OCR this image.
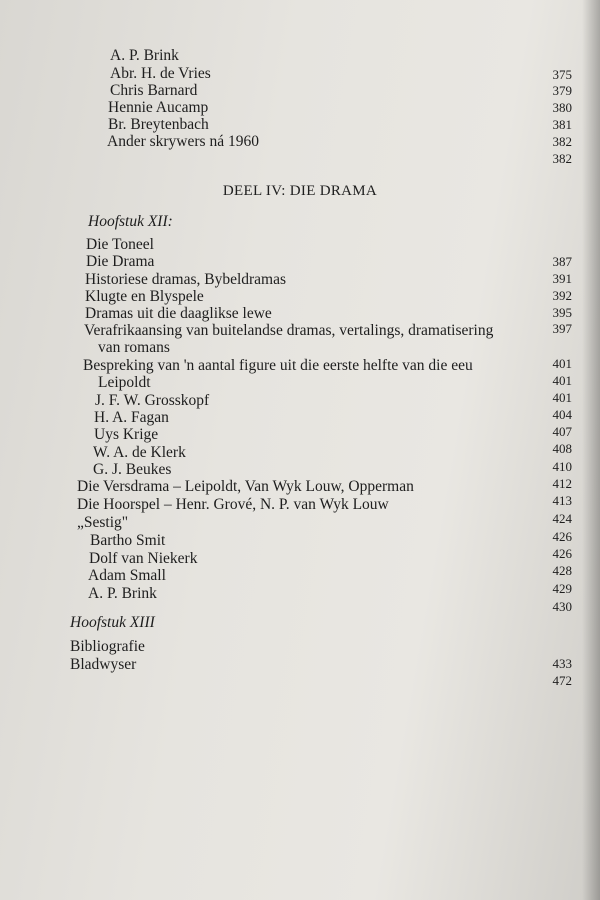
A. P. Brink
Abr. H. de Vries
Chris Barnard
Hennie Aucamp
Br. Breytenbach
Ander skrywers ná 1960
375
379
380
381
382
382
DEEL IV: DIE DRAMA
Hoofstuk XII:
Die Toneel
Die Drama
Historiese dramas, Bybeldramas
Klugte en Blyspele
Dramas uit die daaglikse lewe
Verafrikaansing van buitelandse dramas, vertalings, dramatisering
van romans
Bespreking van 'n aantal figure uit die eerste helfte van die eeu
Leipoldt
J. F. W. Grosskopf
H. A. Fagan
Uys Krige
W. A. de Klerk
G. J. Beukes
Die Versdrama – Leipoldt, Van Wyk Louw, Opperman
Die Hoorspel – Henr. Grové, N. P. van Wyk Louw
„Sestig"
Bartho Smit
Dolf van Niekerk
Adam Small
A. P. Brink
387
391
392
395
397
401
401
401
404
407
408
410
412
413
424
426
426
428
429
430
Hoofstuk XIII
Bibliografie
Bladwyser	433
472
